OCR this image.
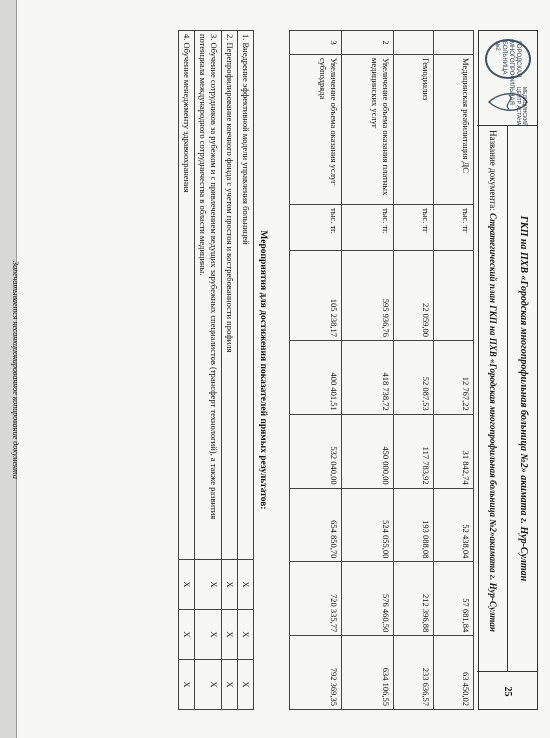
ГОРОДСКАЯ МНОГОПРОФИЛЬНАЯ БОЛЬНИЦА №2
МЕДИЦИНСКИЙ ЦЕНТР АСТАНА
ГКП на ПХВ «Городская многопрофильная больница №2» акимата г. Нур-Султан
Название документа: Стратегический план ГКП на ПХВ «Городская многопрофильная больница №2»акимата г. Нур-Султан
25
	Медицинская реабилитация ДС	тыс. тг		12 767,22	31 842,74	52 438,04	57 681,84	63 450,02
	Гемодиализ	тыс. тг	22 059,00	52 087,53	117 783,92	193 088,08	212 396,88	233 636,57
2	Увеличение объема оказания платных медицинских услуг	тыс. тг.	595 936,76	418 738,72	450 000,00	524 055,00	576 460,50	634 106,55
3	Увеличение объема оказания услуг субподряда	тыс. тг.	105 238,17	400 401,51	532 040,00	654 850,70	720 335,77	792 369,35
Мероприятия для достижения показателей прямых результатов:
1. Внедрение эффективной модели управления больницей	X	X	X
2. Перепрофилирование коечного фонда с учетом простоя и востребованности профиля	X	X	X
3. Обучение сотрудников за рубежом и с привлечением ведущих зарубежных специалистов (трансферт технологий), а также развития потенциала международного сотрудничества в области медицины.	X	X	X
4. Обучение менеджменту здравоохранения	X	X	X
Запечатывается несанкционированное копирование документа
